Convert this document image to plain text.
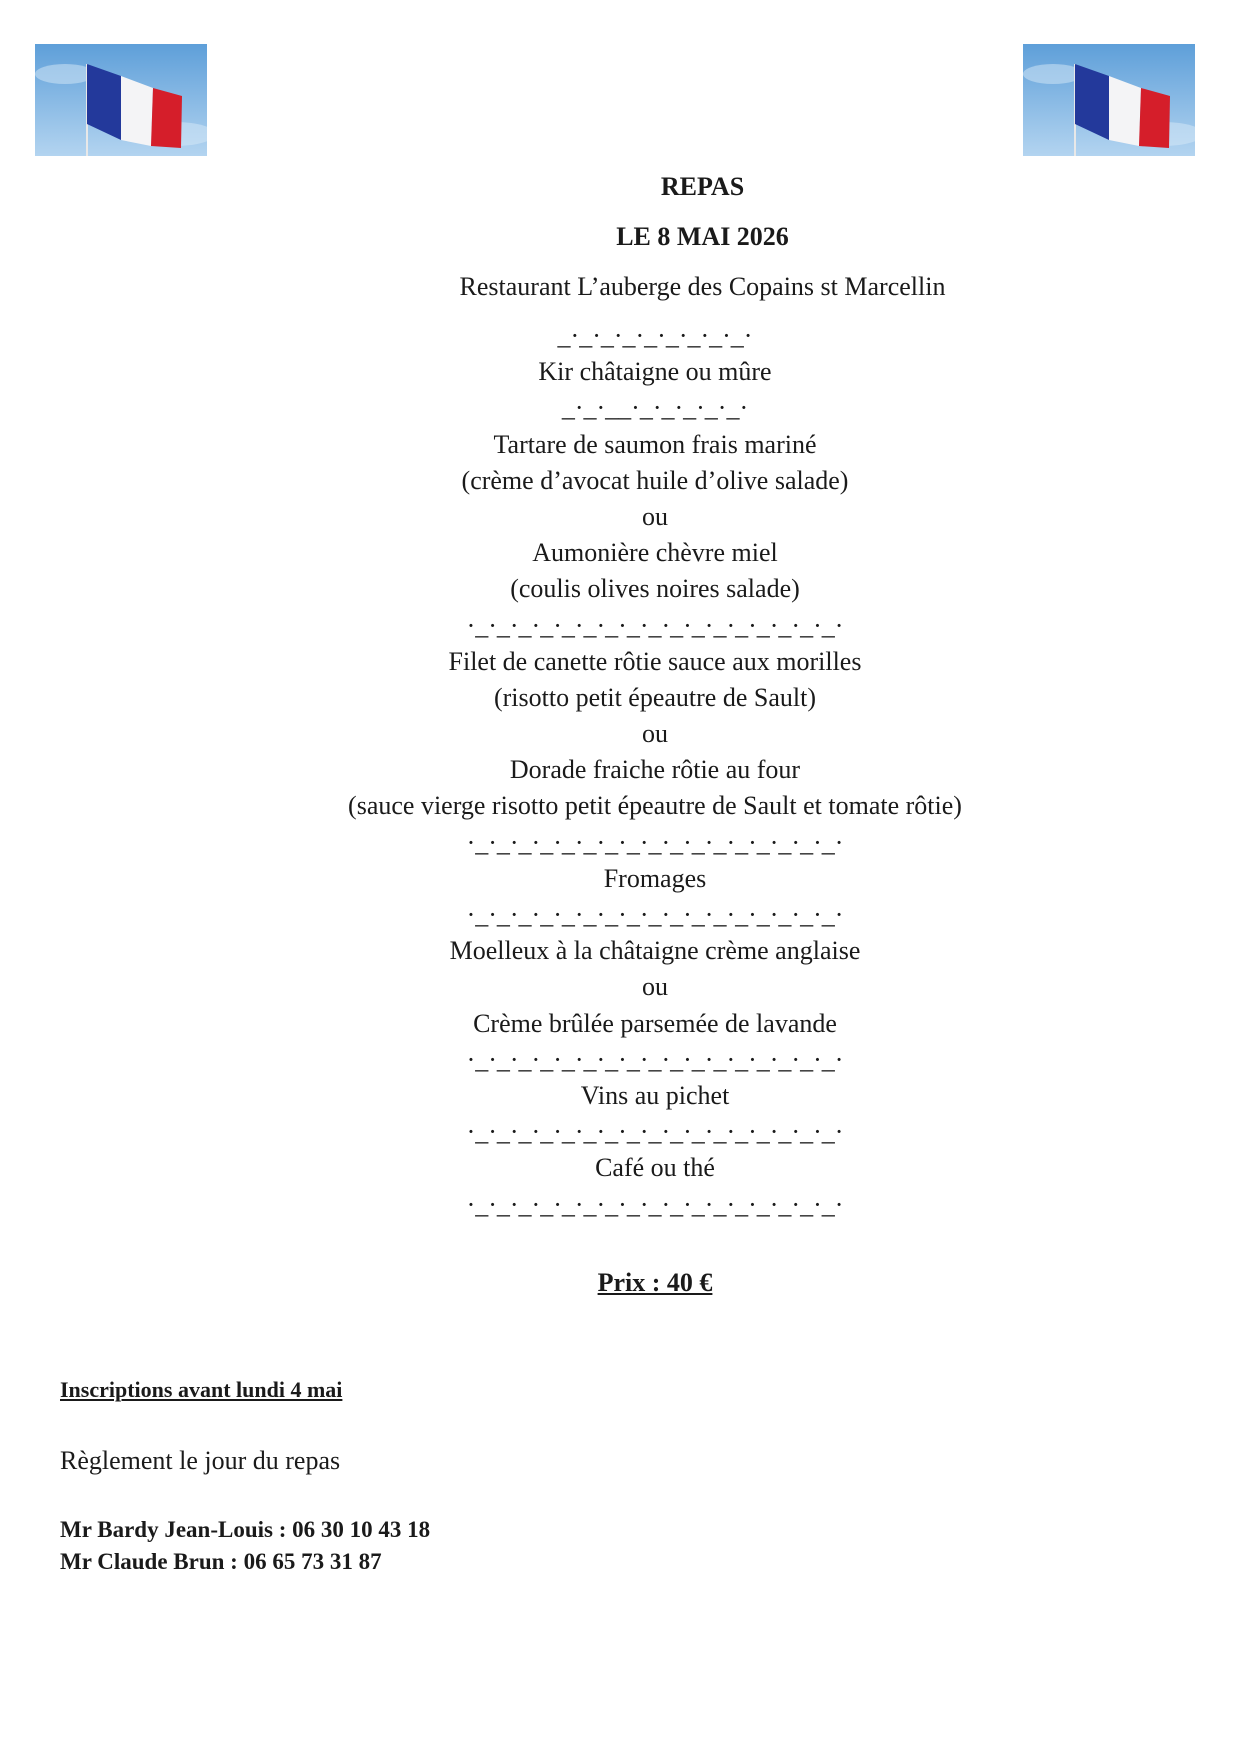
REPAS
LE 8 MAI 2026
Restaurant L’auberge des Copains st Marcellin
_·_·_·_·_·_·_·_·_·
Kir châtaigne ou mûre
_·_·__·_·_·_·_·_·
Tartare de saumon frais mariné
(crème d’avocat huile d’olive salade)
ou
Aumonière chèvre miel
(coulis olives noires salade)
·_·_·_·_·_·_·_·_·_·_·_·_·_·_·_·_·_·
Filet de canette rôtie sauce aux morilles
(risotto petit épeautre de Sault)
ou
Dorade fraiche rôtie au four
(sauce vierge risotto petit épeautre de Sault et tomate rôtie)
·_·_·_·_·_·_·_·_·_·_·_·_·_·_·_·_·_·
Fromages
·_·_·_·_·_·_·_·_·_·_·_·_·_·_·_·_·_·
Moelleux à la châtaigne crème anglaise
ou
Crème brûlée parsemée de lavande
·_·_·_·_·_·_·_·_·_·_·_·_·_·_·_·_·_·
Vins au pichet
·_·_·_·_·_·_·_·_·_·_·_·_·_·_·_·_·_·
Café ou thé
·_·_·_·_·_·_·_·_·_·_·_·_·_·_·_·_·_·
Prix : 40 €
Inscriptions avant lundi 4 mai
Règlement le jour du repas
Mr Bardy Jean-Louis : 06 30 10 43 18
Mr Claude Brun : 06 65 73 31 87
